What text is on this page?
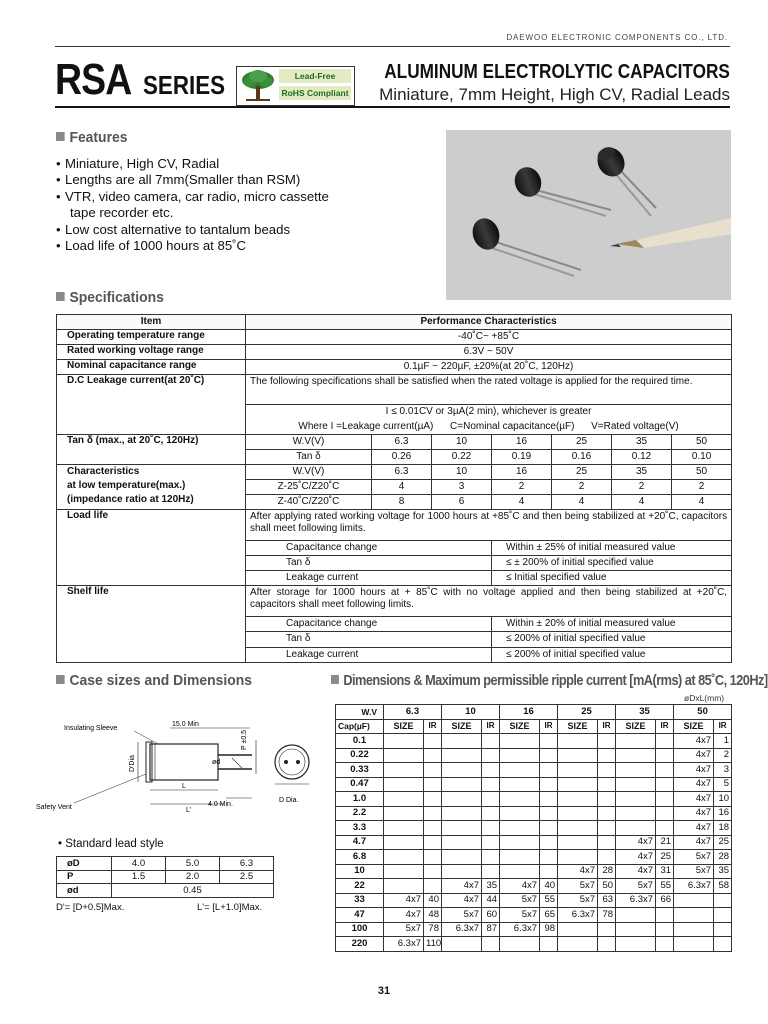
DAEWOO ELECTRONIC COMPONENTS CO., LTD.
RSA SERIES	Lead-Free
RoHS Compliant
ALUMINUM ELECTROLYTIC CAPACITORS
Miniature, 7mm Height, High CV, Radial Leads
Features
• Miniature, High CV, Radial
• Lengths are all 7mm(Smaller than RSM)
• VTR, video camera, car radio, micro cassette
tape recorder etc.
• Low cost alternative to tantalum beads
• Load life of 1000 hours at 85˚C
Specifications
Item	Performance Characteristics						
Operating temperature range	-40˚C~ +85˚C						
Rated working voltage range	6.3V ~ 50V						
Nominal capacitance range	0.1µF ~ 220µF, ±20%(at 20˚C, 120Hz)						
D.C Leakage current(at 20˚C)	The following specifications shall be satisfied when the rated voltage is applied for the required time.						
	I ≤ 0.01CV or 3µA(2 min), whichever is greater						
	Where I =Leakage current(µA)      C=Nominal capacitance(µF)      V=Rated voltage(V)						
Tan δ (max., at 20˚C, 120Hz)	W.V(V)	6.3	10	16	25	35	50
	Tan δ	0.26	0.22	0.19	0.16	0.12	0.10
Characteristics
at low temperature(max.)
(impedance ratio at 120Hz)	W.V(V)	6.3	10	16	25	35	50
	Z-25˚C/Z20˚C	4	3	2	2	2	2
	Z-40˚C/Z20˚C	8	6	4	4	4	4
Load life	After applying rated working voltage for 1000 hours at +85˚C and then being stabilized at +20˚C, capacitors shall meet following limits.						
	Capacitance change			Within ± 25% of initial measured value			
	Tan δ			≤ ± 200% of initial specified value			
	Leakage current			≤ Initial specified value			
Shelf life	After storage for 1000 hours at + 85˚C with no voltage applied and then being stabilized at +20˚C, capacitors shall meet following limits.						
	Capacitance change			Within ± 20% of initial measured value			
	Tan δ			≤ 200% of initial specified value			
	Leakage current			≤ 200% of initial specified value			
Case sizes and Dimensions
Insulating Sleeve
15.0 Min
P ±0.5
D'Dia	ød
L
L'
4.0 Min.
Safety Vent
D Dia.
• Standard lead style
øD	4.0	5.0	6.3
P	1.5	2.0	2.5
ød	0.45		
D'= [D+0.5]Max.	L'= [L+1.0]Max.
Dimensions & Maximum permissible ripple current [mA(rms) at 85˚C, 120Hz]
øDxL(mm)
W.V	6.3		10		16		25		35		50	
Cap(µF)	SIZE	IR	SIZE	IR	SIZE	IR	SIZE	IR	SIZE	IR	SIZE	IR
0.1											4x7	1
0.22											4x7	2
0.33											4x7	3
0.47											4x7	5
1.0											4x7	10
2.2											4x7	16
3.3											4x7	18
4.7									4x7	21	4x7	25
6.8									4x7	25	5x7	28
10							4x7	28	4x7	31	5x7	35
22			4x7	35	4x7	40	5x7	50	5x7	55	6.3x7	58
33	4x7	40	4x7	44	5x7	55	5x7	63	6.3x7	66		
47	4x7	48	5x7	60	5x7	65	6.3x7	78				
100	5x7	78	6.3x7	87	6.3x7	98						
220	6.3x7	110										
31
